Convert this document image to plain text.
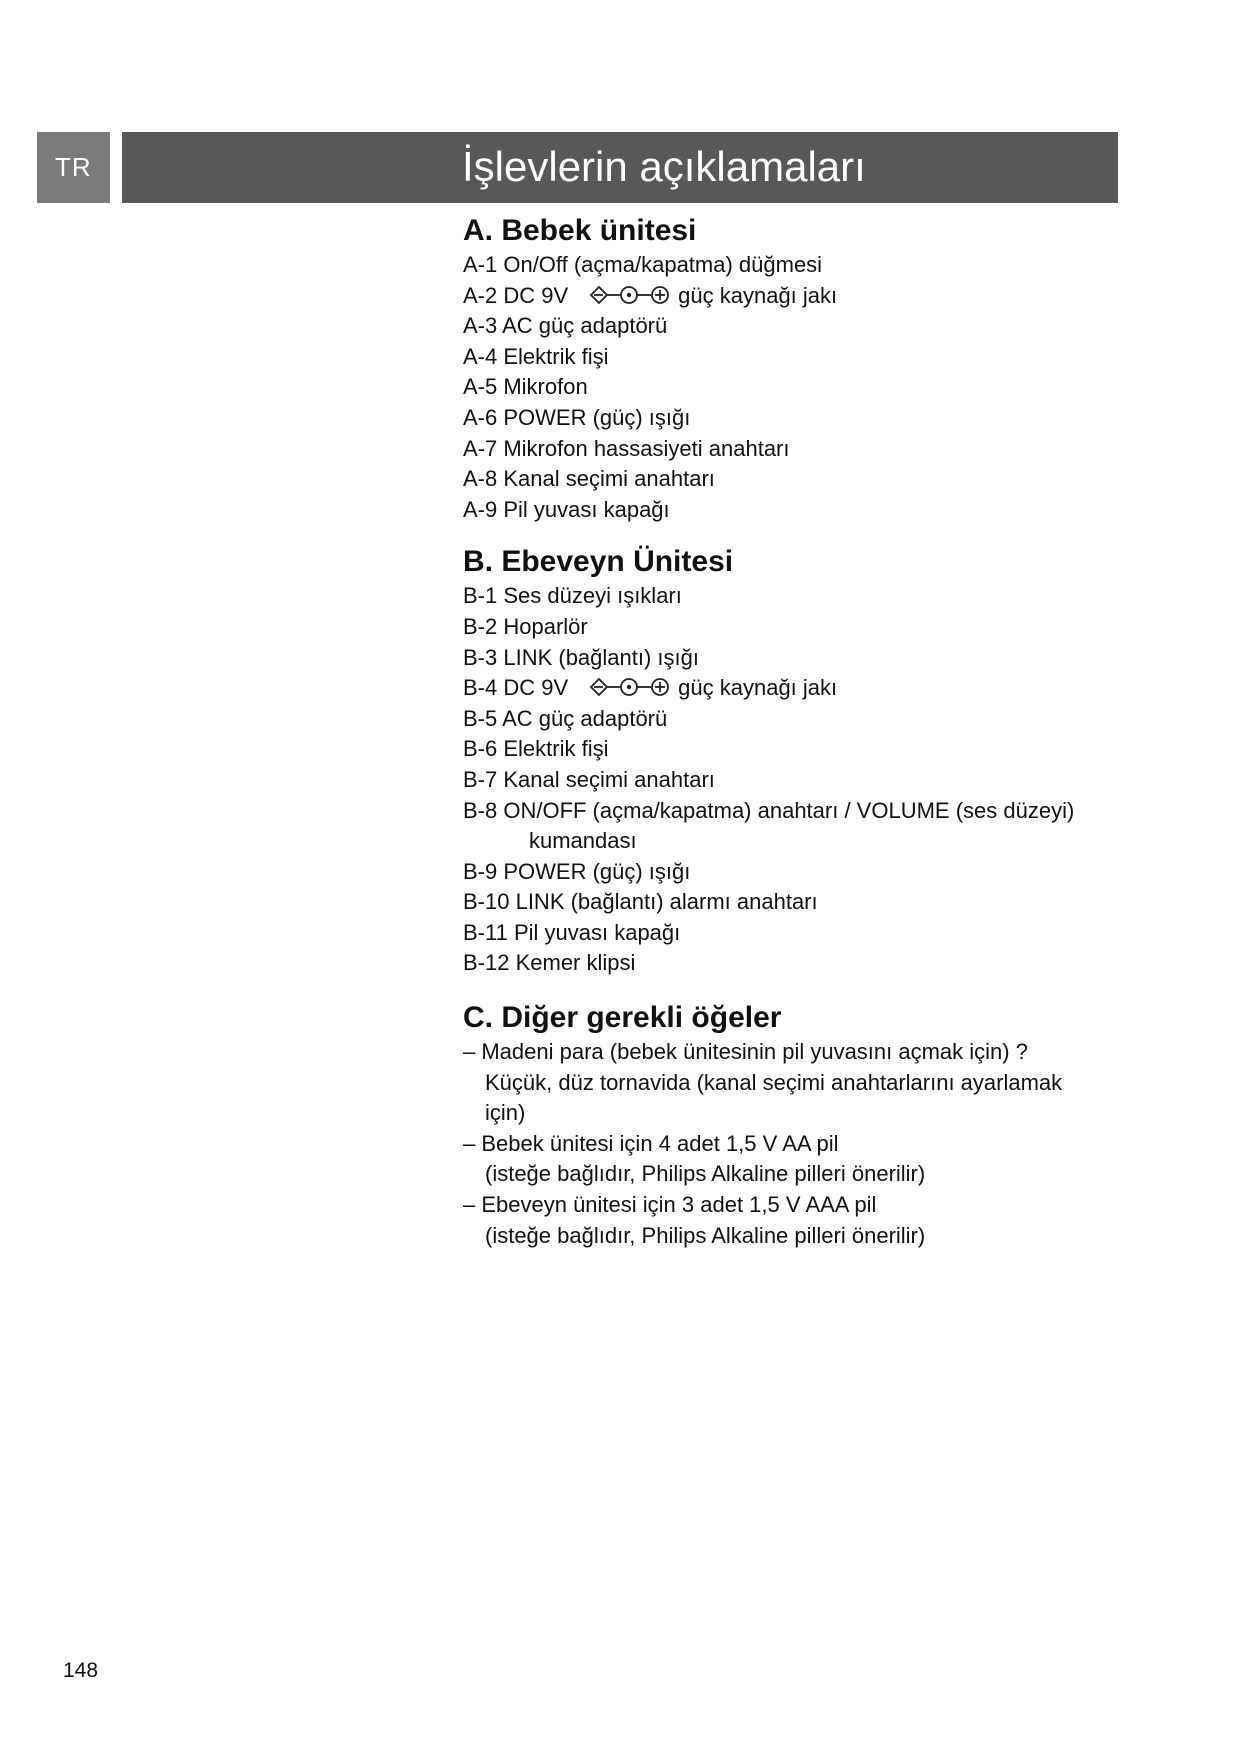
TR	İşlevlerin açıklamaları
A. Bebek ünitesi
A-1 On/Off (açma/kapatma) düğmesi
A-2 DC 9V	güç kaynağı jakı
A-3 AC güç adaptörü
A-4 Elektrik fişi
A-5 Mikrofon
A-6 POWER (güç) ışığı
A-7 Mikrofon hassasiyeti anahtarı
A-8 Kanal seçimi anahtarı
A-9 Pil yuvası kapağı
B. Ebeveyn Ünitesi
B-1 Ses düzeyi ışıkları
B-2 Hoparlör
B-3 LINK (bağlantı) ışığı
B-4 DC 9V	güç kaynağı jakı
B-5 AC güç adaptörü
B-6 Elektrik fişi
B-7 Kanal seçimi anahtarı
B-8 ON/OFF (açma/kapatma) anahtarı / VOLUME (ses düzeyi)
kumandası
B-9 POWER (güç) ışığı
B-10 LINK (bağlantı) alarmı anahtarı
B-11 Pil yuvası kapağı
B-12 Kemer klipsi
C. Diğer gerekli öğeler
– Madeni para (bebek ünitesinin pil yuvasını açmak için) ?
Küçük, düz tornavida (kanal seçimi anahtarlarını ayarlamak
için)
– Bebek ünitesi için 4 adet 1,5 V AA pil
(isteğe bağlıdır, Philips Alkaline pilleri önerilir)
– Ebeveyn ünitesi için 3 adet 1,5 V AAA pil
(isteğe bağlıdır, Philips Alkaline pilleri önerilir)
148
